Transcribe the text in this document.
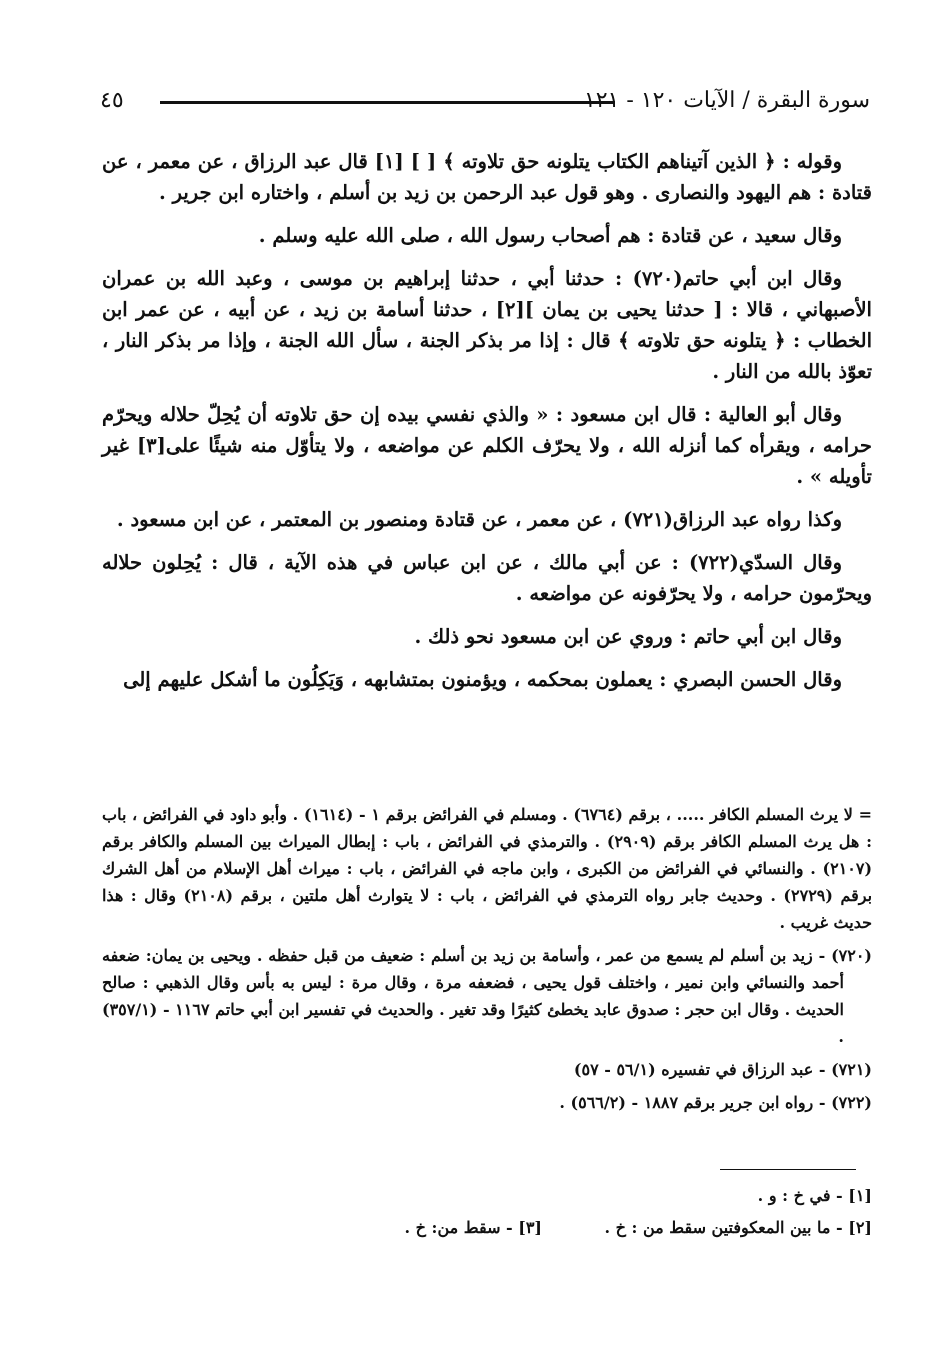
سورة البقرة / الآيات ١٢٠ - ١٢١
٤٥

وقوله : ﴿ الذين آتيناهم الكتاب يتلونه حق تلاوته ﴾ [ ] [١] قال عبد الرزاق ، عن معمر ، عن قتادة : هم اليهود والنصارى . وهو قول عبد الرحمن بن زيد بن أسلم ، واختاره ابن جرير .

وقال سعيد ، عن قتادة : هم أصحاب رسول الله ، صلى الله عليه وسلم .

وقال ابن أبي حاتم(٧٢٠) : حدثنا أبي ، حدثنا إبراهيم بن موسى ، وعبد الله بن عمران الأصبهاني ، قالا : [ حدثنا يحيى بن يمان ][٢] ، حدثنا أسامة بن زيد ، عن أبيه ، عن عمر ابن الخطاب : ﴿ يتلونه حق تلاوته ﴾ قال : إذا مر بذكر الجنة ، سأل الله الجنة ، وإذا مر بذكر النار ، تعوّذ بالله من النار .

وقال أبو العالية : قال ابن مسعود : « والذي نفسي بيده إن حق تلاوته أن يُحِلّ حلاله ويحرّم حرامه ، ويقرأه كما أنزله الله ، ولا يحرّف الكلم عن مواضعه ، ولا يتأوّل منه شيئًا على[٣] غير تأويله » .

وكذا رواه عبد الرزاق(٧٢١) ، عن معمر ، عن قتادة ومنصور بن المعتمر ، عن ابن مسعود .

وقال السدّي(٧٢٢) : عن أبي مالك ، عن ابن عباس في هذه الآية ، قال : يُحِلون حلاله ويحرّمون حرامه ، ولا يحرّفونه عن مواضعه .

وقال ابن أبي حاتم : وروي عن ابن مسعود نحو ذلك .

وقال الحسن البصري : يعملون بمحكمه ، ويؤمنون بمتشابهه ، وَيَكِلُون ما أشكل عليهم إلى

= لا يرث المسلم الكافر ..... ، برقم (٦٧٦٤) . ومسلم في الفرائض برقم ١ - (١٦١٤) . وأبو داود في الفرائض ، باب : هل يرث المسلم الكافر برقم (٢٩٠٩) . والترمذي في الفرائض ، باب : إبطال الميراث بين المسلم والكافر برقم (٢١٠٧) . والنسائي في الفرائض من الكبرى ، وابن ماجه في الفرائض ، باب : ميراث أهل الإسلام من أهل الشرك برقم (٢٧٢٩) . وحديث جابر رواه الترمذي في الفرائض ، باب : لا يتوارث أهل ملتين ، برقم (٢١٠٨) وقال : هذا حديث غريب .

(٧٢٠) - زيد بن أسلم لم يسمع من عمر ، وأسامة بن زيد بن أسلم : ضعيف من قبل حفظه . ويحيى بن يمان: ضعفه أحمد والنسائي وابن نمير ، واختلف قول يحيى ، فضعفه مرة ، وقال مرة : ليس به بأس وقال الذهبي : صالح الحديث . وقال ابن حجر : صدوق عابد يخطئ كثيرًا وقد تغير . والحديث في تفسير ابن أبي حاتم ١١٦٧ - (٣٥٧/١) .

(٧٢١) - عبد الرزاق في تفسيره (٥٦/١ - ٥٧)

(٧٢٢) - رواه ابن جرير برقم ١٨٨٧ - (٥٦٦/٢) .

[١] - في خ : و .
[٢] - ما بين المعكوفتين سقط من : خ .
[٣] - سقط من: خ .
